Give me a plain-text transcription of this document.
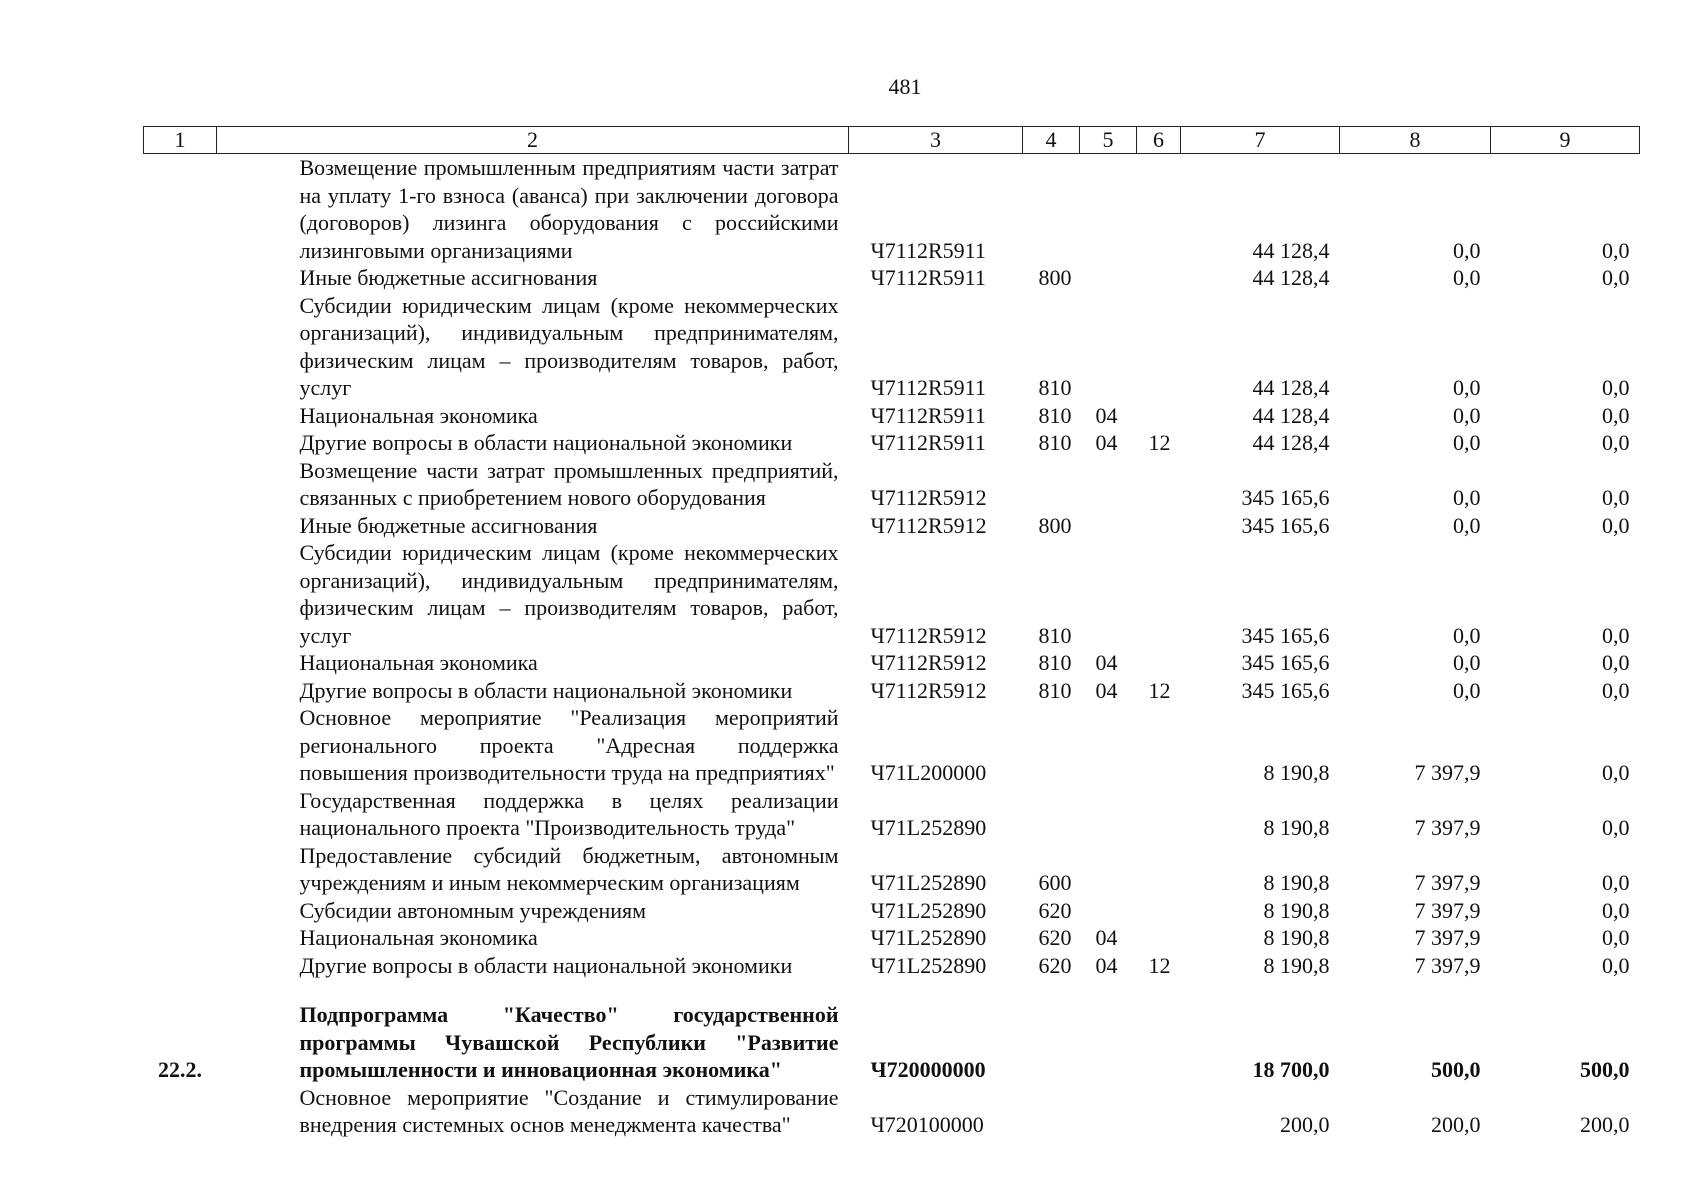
481
1	2	3	4	5	6	7	8	9
	Возмещение промышленным предприятиям части затрат на уплату 1-го взноса (аванса) при заключении договора (договоров) лизинга оборудования с российскими лизинговыми организациями	Ч7112R5911				44 128,4	0,0	0,0
	Иные бюджетные ассигнования	Ч7112R5911	800			44 128,4	0,0	0,0
	Субсидии юридическим лицам (кроме некоммерческих организаций), индивидуальным предпринимателям, физическим лицам – производителям товаров, работ, услуг	Ч7112R5911	810			44 128,4	0,0	0,0
	Национальная экономика	Ч7112R5911	810	04		44 128,4	0,0	0,0
	Другие вопросы в области национальной экономики	Ч7112R5911	810	04	12	44 128,4	0,0	0,0
	Возмещение части затрат промышленных предприятий, связанных с приобретением нового оборудования	Ч7112R5912				345 165,6	0,0	0,0
	Иные бюджетные ассигнования	Ч7112R5912	800			345 165,6	0,0	0,0
	Субсидии юридическим лицам (кроме некоммерческих организаций), индивидуальным предпринимателям, физическим лицам – производителям товаров, работ, услуг	Ч7112R5912	810			345 165,6	0,0	0,0
	Национальная экономика	Ч7112R5912	810	04		345 165,6	0,0	0,0
	Другие вопросы в области национальной экономики	Ч7112R5912	810	04	12	345 165,6	0,0	0,0
	Основное мероприятие "Реализация мероприятий регионального проекта "Адресная поддержка повышения производительности труда на предприятиях"	Ч71L200000				8 190,8	7 397,9	0,0
	Государственная поддержка в целях реализации национального проекта "Производительность труда"	Ч71L252890				8 190,8	7 397,9	0,0
	Предоставление субсидий бюджетным, автономным учреждениям и иным некоммерческим организациям	Ч71L252890	600			8 190,8	7 397,9	0,0
	Субсидии автономным учреждениям	Ч71L252890	620			8 190,8	7 397,9	0,0
	Национальная экономика	Ч71L252890	620	04		8 190,8	7 397,9	0,0
	Другие вопросы в области национальной экономики	Ч71L252890	620	04	12	8 190,8	7 397,9	0,0

22.2.	Подпрограмма "Качество" государственной программы Чувашской Республики "Развитие промышленности и инновационная экономика"	Ч720000000				18 700,0	500,0	500,0
	Основное мероприятие "Создание и стимулирование внедрения системных основ менеджмента качества"	Ч720100000				200,0	200,0	200,0
